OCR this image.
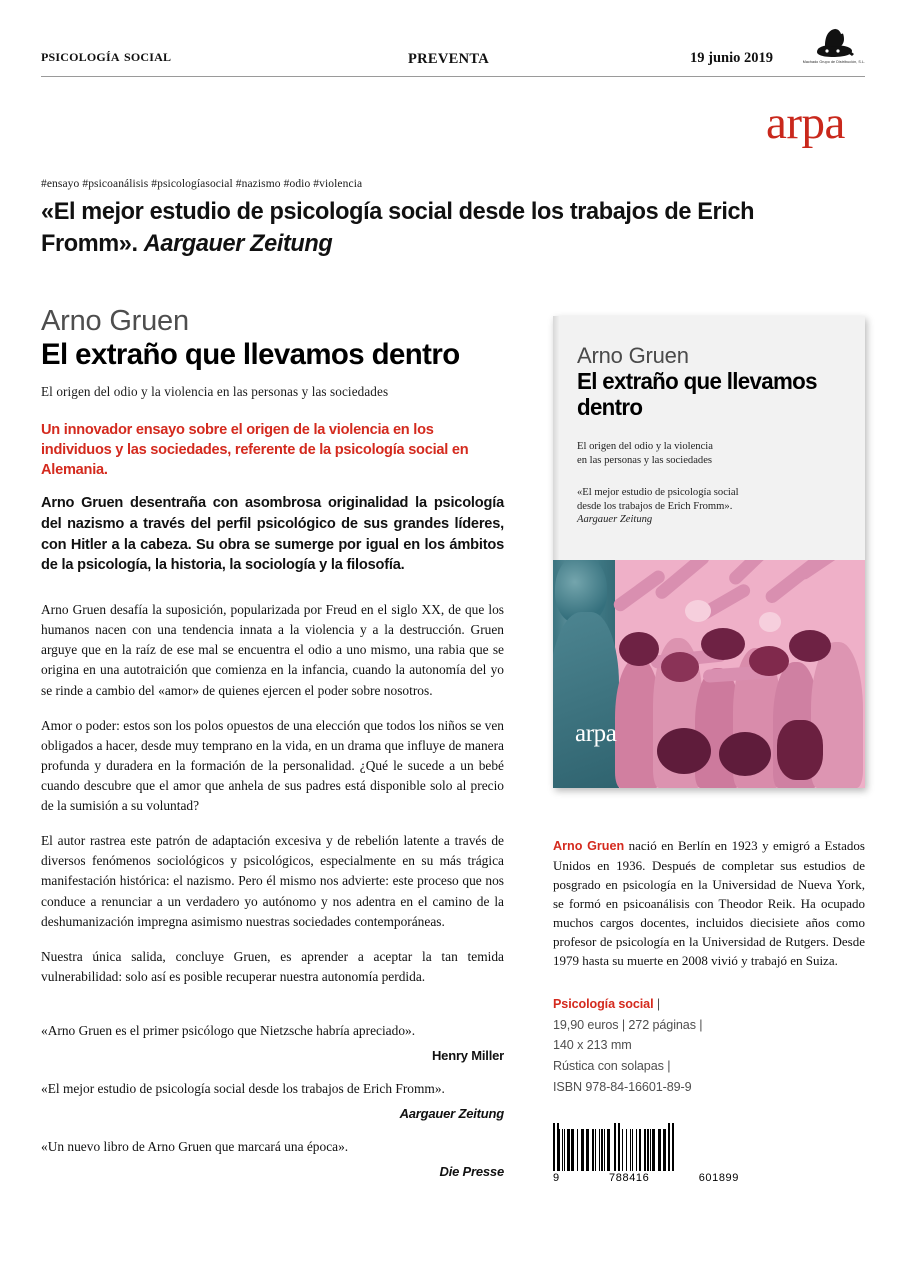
psicología social	PREVENTA	19 junio 2019	Machado Grupo de Distribución, S.L.
arpa
#ensayo #psicoanálisis #psicologíasocial #nazismo #odio #violencia
«El mejor estudio de psicología social desde los trabajos de Erich Fromm». Aargauer Zeitung
Arno Gruen
El extraño que llevamos dentro
El origen del odio y la violencia en las personas y las sociedades
Un innovador ensayo sobre el origen de la violencia en los individuos y las sociedades, referente de la psicología social en Alemania.
Arno Gruen desentraña con asombrosa originalidad la psicología del nazismo a través del perfil psicológico de sus grandes líderes, con Hitler a la cabeza. Su obra se sumerge por igual en los ámbitos de la psicología, la historia, la sociología y la filosofía.
Arno Gruen desafía la suposición, popularizada por Freud en el siglo XX, de que los humanos nacen con una tendencia innata a la violencia y a la destrucción. Gruen arguye que en la raíz de ese mal se encuentra el odio a uno mismo, una rabia que se origina en una autotraición que comienza en la infancia, cuando la autonomía del yo se rinde a cambio del «amor» de quienes ejercen el poder sobre nosotros.
Amor o poder: estos son los polos opuestos de una elección que todos los niños se ven obligados a hacer, desde muy temprano en la vida, en un drama que influye de manera profunda y duradera en la formación de la personalidad. ¿Qué le sucede a un bebé cuando descubre que el amor que anhela de sus padres está disponible solo al precio de la sumisión a su voluntad?
El autor rastrea este patrón de adaptación excesiva y de rebelión latente a través de diversos fenómenos sociológicos y psicológicos, especialmente en su más trágica manifestación histórica: el nazismo. Pero él mismo nos advierte: este proceso que nos conduce a renunciar a un verdadero yo autónomo y nos adentra en el camino de la deshumanización impregna asimismo nuestras sociedades contemporáneas.
Nuestra única salida, concluye Gruen, es aprender a aceptar la tan temida vulnerabilidad: solo así es posible recuperar nuestra autonomía perdida.
«Arno Gruen es el primer psicólogo que Nietzsche habría apreciado».
Henry Miller
«El mejor estudio de psicología social desde los trabajos de Erich Fromm».
Aargauer Zeitung
«Un nuevo libro de Arno Gruen que marcará una época».
Die Presse
Arno Gruen
El extraño que llevamos dentro
El origen del odio y la violencia
en las personas y las sociedades
«El mejor estudio de psicología social
desde los trabajos de Erich Fromm».
Aargauer Zeitung
arpa
Arno Gruen nació en Berlín en 1923 y emigró a Estados Unidos en 1936. Después de completar sus estudios de posgrado en psicología en la Universidad de Nueva York, se formó en psicoanálisis con Theodor Reik. Ha ocupado muchos cargos docentes, incluidos diecisiete años como profesor de psicología en la Universidad de Rutgers. Desde 1979 hasta su muerte en 2008 vivió y trabajó en Suiza.
Psicología social |
19,90 euros | 272 páginas |
140 x 213 mm
Rústica con solapas |
ISBN 978-84-16601-89-9
9	788416	601899
